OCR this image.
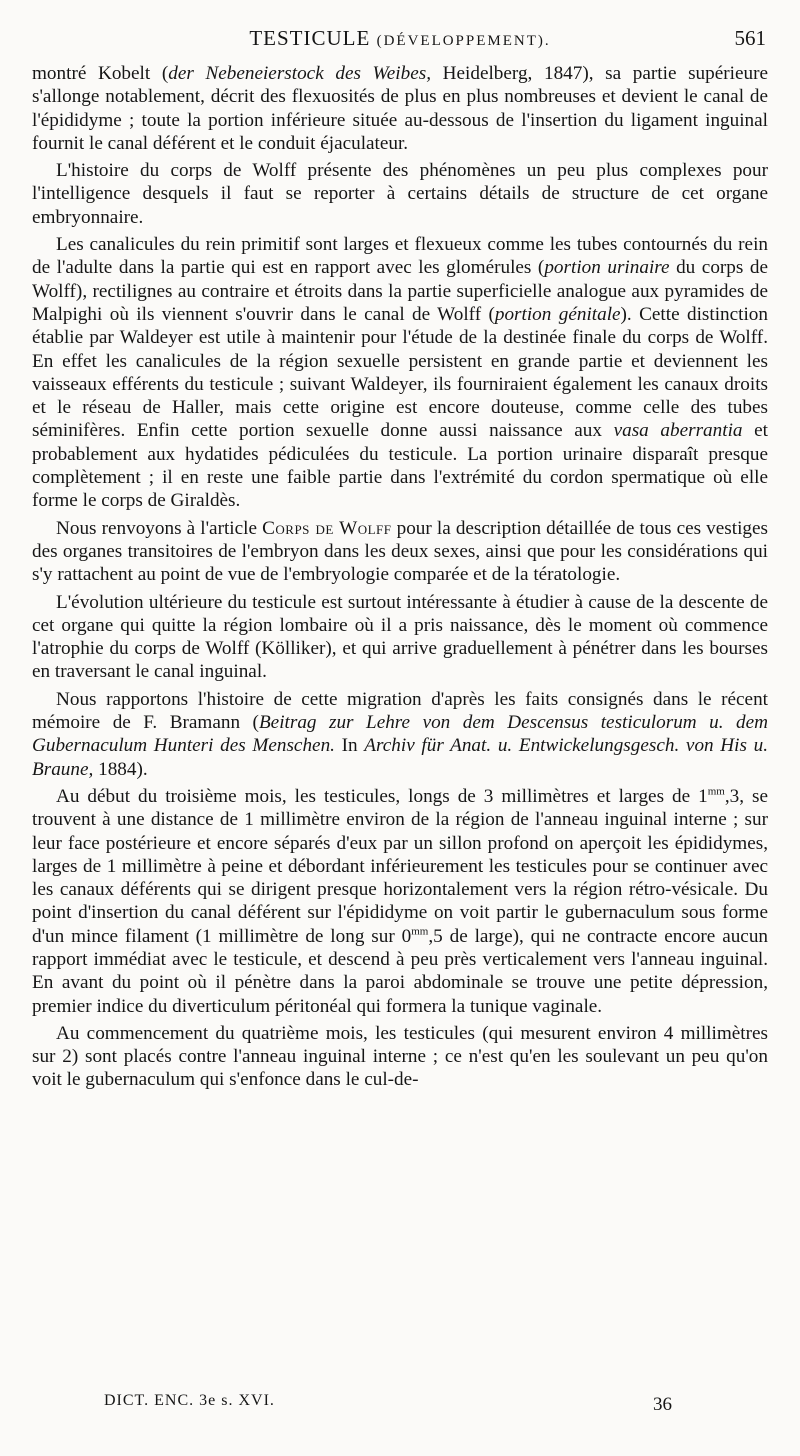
TESTICULE (DÉVELOPPEMENT).	561

montré Kobelt (der Nebeneierstock des Weibes, Heidelberg, 1847), sa partie supérieure s'allonge notablement, décrit des flexuosités de plus en plus nombreuses et devient le canal de l'épididyme ; toute la portion inférieure située au-dessous de l'insertion du ligament inguinal fournit le canal déférent et le conduit éjaculateur.

L'histoire du corps de Wolff présente des phénomènes un peu plus complexes pour l'intelligence desquels il faut se reporter à certains détails de structure de cet organe embryonnaire.

Les canalicules du rein primitif sont larges et flexueux comme les tubes contournés du rein de l'adulte dans la partie qui est en rapport avec les glomérules (portion urinaire du corps de Wolff), rectilignes au contraire et étroits dans la partie superficielle analogue aux pyramides de Malpighi où ils viennent s'ouvrir dans le canal de Wolff (portion génitale). Cette distinction établie par Waldeyer est utile à maintenir pour l'étude de la destinée finale du corps de Wolff. En effet les canalicules de la région sexuelle persistent en grande partie et deviennent les vaisseaux efférents du testicule ; suivant Waldeyer, ils fourniraient également les canaux droits et le réseau de Haller, mais cette origine est encore douteuse, comme celle des tubes séminifères. Enfin cette portion sexuelle donne aussi naissance aux vasa aberrantia et probablement aux hydatides pédiculées du testicule. La portion urinaire disparaît presque complètement ; il en reste une faible partie dans l'extrémité du cordon spermatique où elle forme le corps de Giraldès.

Nous renvoyons à l'article Corps de Wolff pour la description détaillée de tous ces vestiges des organes transitoires de l'embryon dans les deux sexes, ainsi que pour les considérations qui s'y rattachent au point de vue de l'embryologie comparée et de la tératologie.

L'évolution ultérieure du testicule est surtout intéressante à étudier à cause de la descente de cet organe qui quitte la région lombaire où il a pris naissance, dès le moment où commence l'atrophie du corps de Wolff (Kölliker), et qui arrive graduellement à pénétrer dans les bourses en traversant le canal inguinal.

Nous rapportons l'histoire de cette migration d'après les faits consignés dans le récent mémoire de F. Bramann (Beitrag zur Lehre von dem Descensus testiculorum u. dem Gubernaculum Hunteri des Menschen. In Archiv für Anat. u. Entwickelungsgesch. von His u. Braune, 1884).

Au début du troisième mois, les testicules, longs de 3 millimètres et larges de $1^{mm},3$, se trouvent à une distance de 1 millimètre environ de la région de l'anneau inguinal interne ; sur leur face postérieure et encore séparés d'eux par un sillon profond on aperçoit les épididymes, larges de 1 millimètre à peine et débordant inférieurement les testicules pour se continuer avec les canaux déférents qui se dirigent presque horizontalement vers la région rétro-vésicale. Du point d'insertion du canal déférent sur l'épididyme on voit partir le gubernaculum sous forme d'un mince filament (1 millimètre de long sur $0^{mm},5$ de large), qui ne contracte encore aucun rapport immédiat avec le testicule, et descend à peu près verticalement vers l'anneau inguinal. En avant du point où il pénètre dans la paroi abdominale se trouve une petite dépression, premier indice du diverticulum péritonéal qui formera la tunique vaginale.

Au commencement du quatrième mois, les testicules (qui mesurent environ 4 millimètres sur 2) sont placés contre l'anneau inguinal interne ; ce n'est qu'en les soulevant un peu qu'on voit le gubernaculum qui s'enfonce dans le cul-de-

DICT. ENC. 3e s. XVI.	36
